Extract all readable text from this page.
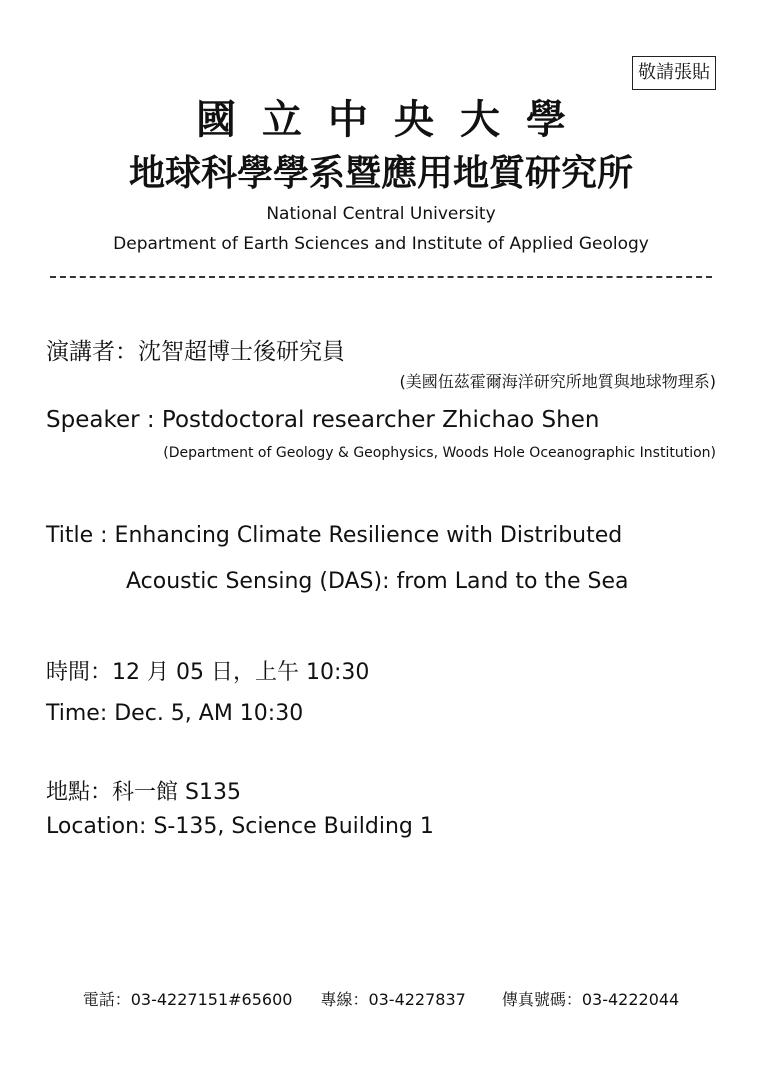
敬請張貼
國立中央大學
地球科學學系暨應用地質研究所
National Central University
Department of Earth Sciences and Institute of Applied Geology
演講者：沈智超博士後研究員
(美國伍茲霍爾海洋研究所地質與地球物理系)
Speaker : Postdoctoral researcher Zhichao Shen
(Department of Geology & Geophysics, Woods Hole Oceanographic Institution)
Title : Enhancing Climate Resilience with Distributed
Acoustic Sensing (DAS): from Land to the Sea
時間：12 月 05 日，上午 10:30
Time: Dec. 5, AM 10:30
地點：科一館 S135
Location: S-135, Science Building 1
電話：03-4227151#65600 專線：03-4227837 傳真號碼：03-4222044
